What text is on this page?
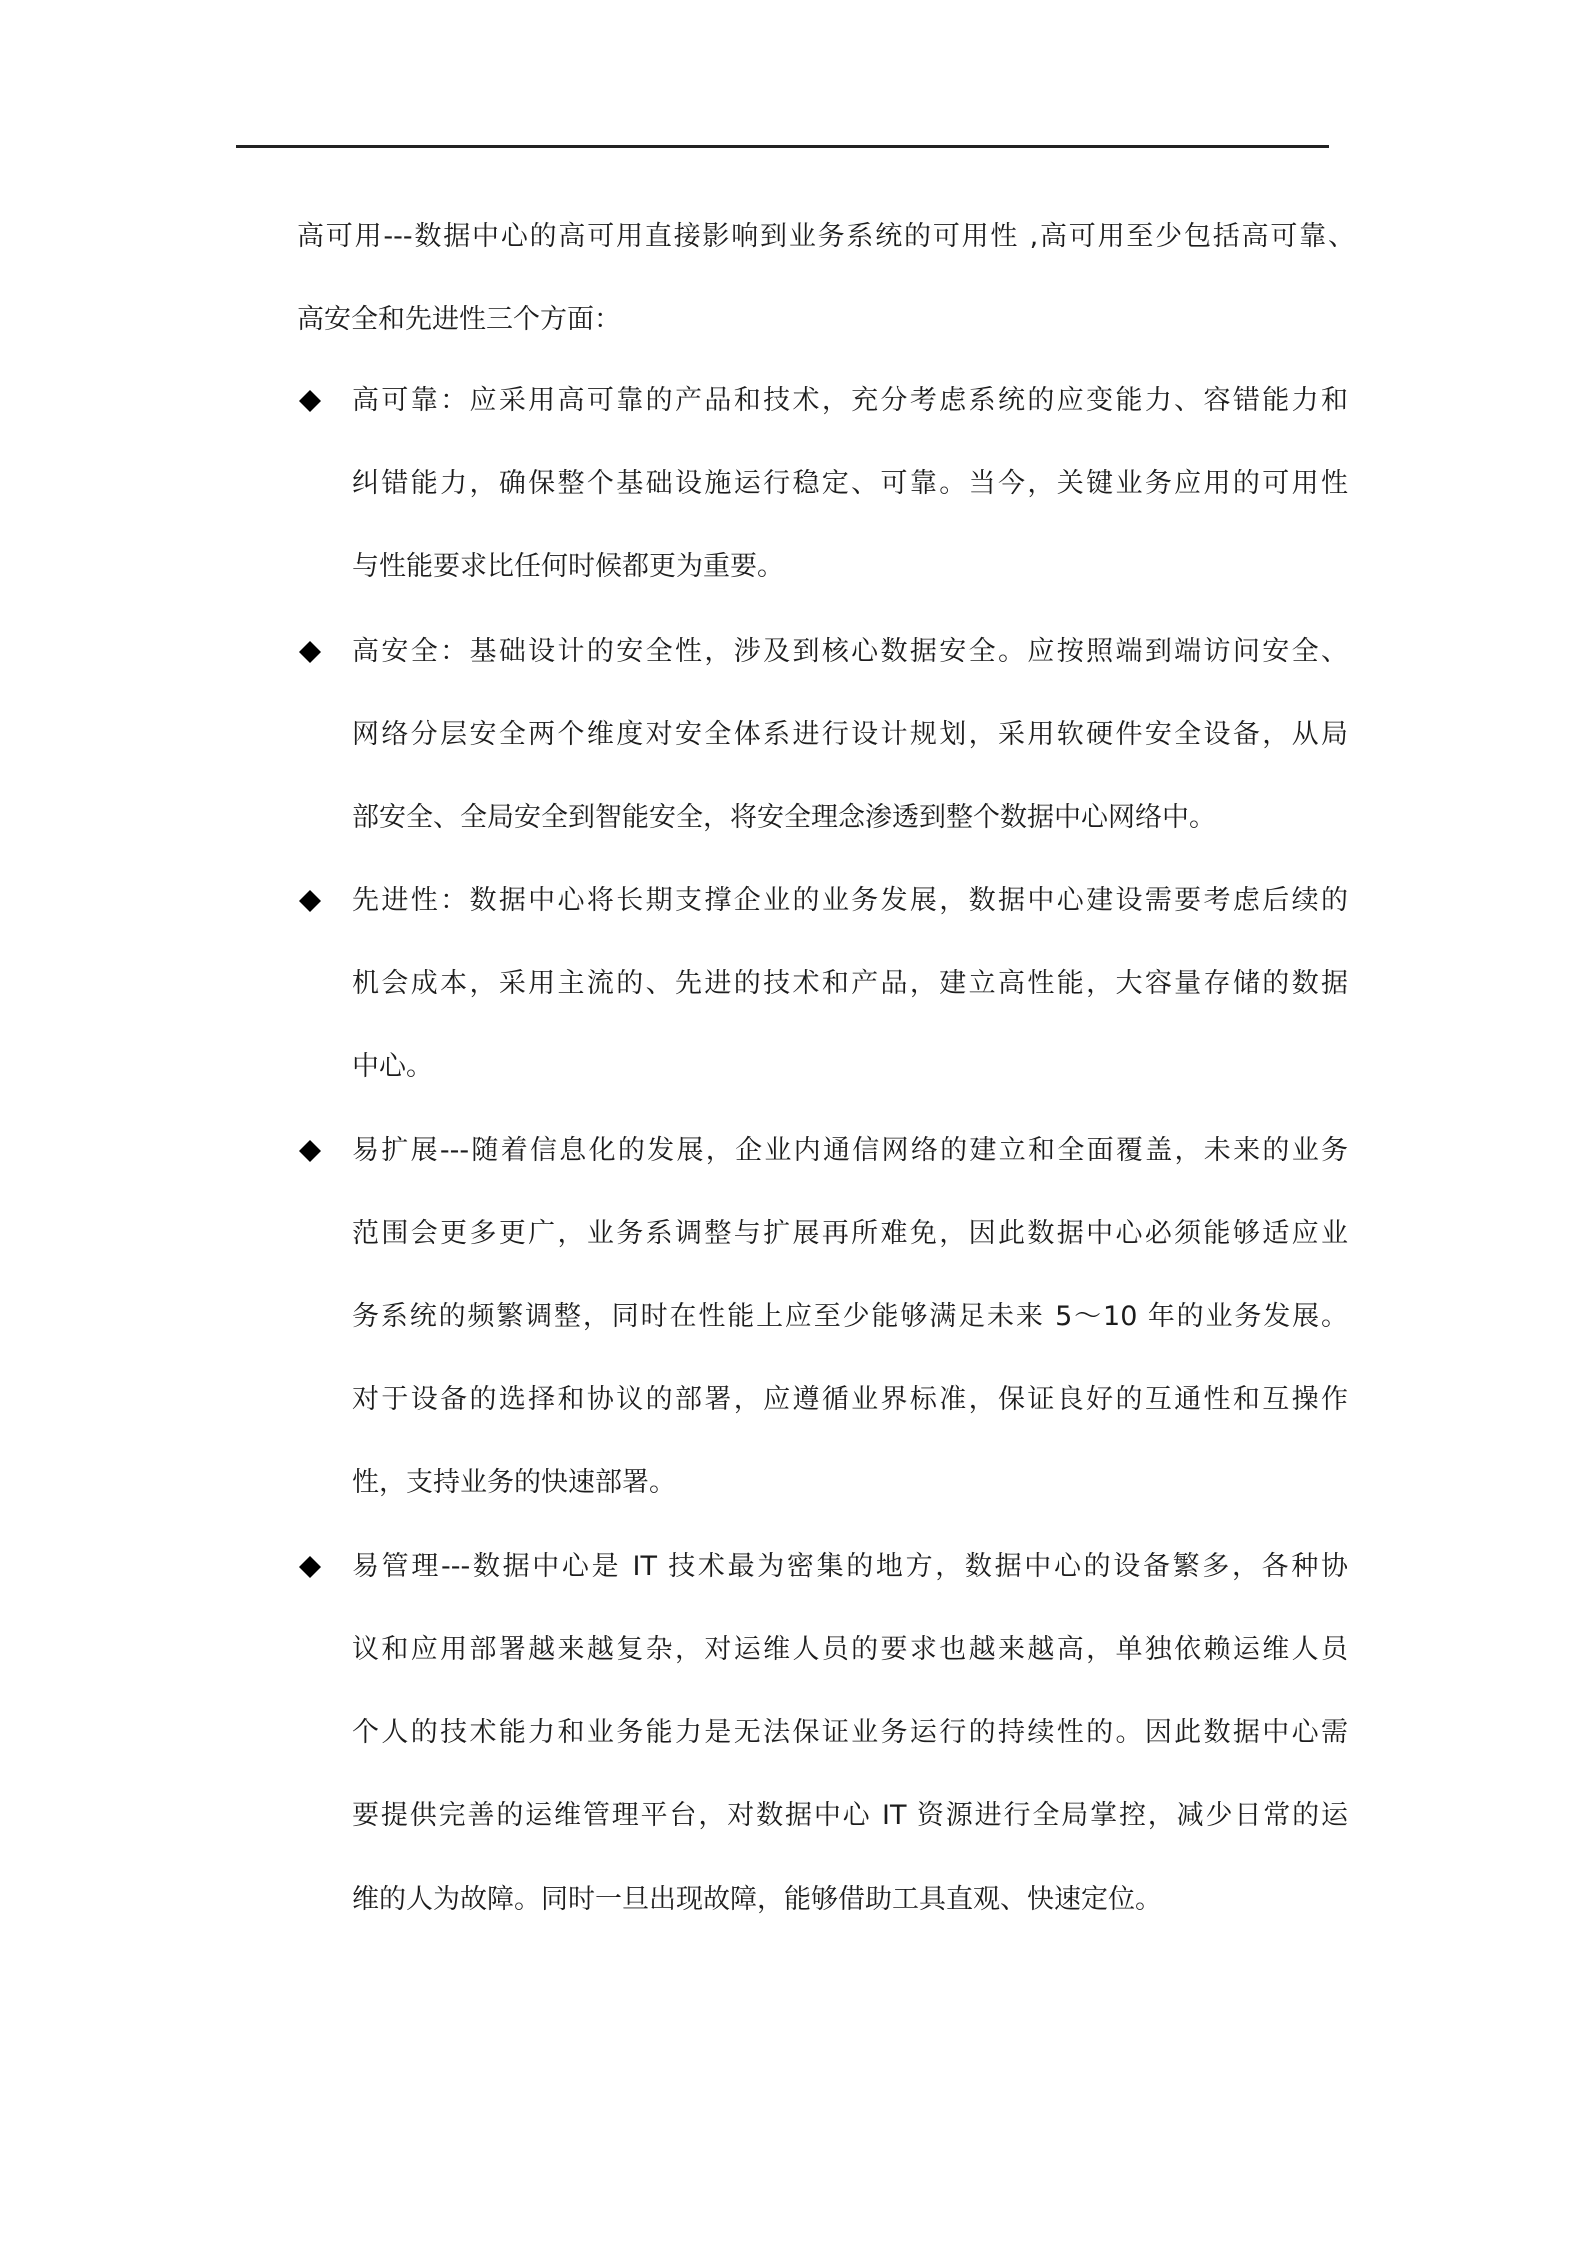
高可用---数据中心的高可用直接影响到业务系统的可用性 ,高可用至少包括高可靠、
高安全和先进性三个方面：
高可靠：应采用高可靠的产品和技术，充分考虑系统的应变能力、容错能力和
纠错能力，确保整个基础设施运行稳定、可靠。当今，关键业务应用的可用性
与性能要求比任何时候都更为重要。
高安全：基础设计的安全性，涉及到核心数据安全。应按照端到端访问安全、
网络分层安全两个维度对安全体系进行设计规划，采用软硬件安全设备，从局
部安全、全局安全到智能安全，将安全理念渗透到整个数据中心网络中。
先进性：数据中心将长期支撑企业的业务发展，数据中心建设需要考虑后续的
机会成本，采用主流的、先进的技术和产品，建立高性能，大容量存储的数据
中心。
易扩展---随着信息化的发展，企业内通信网络的建立和全面覆盖，未来的业务
范围会更多更广，业务系调整与扩展再所难免，因此数据中心必须能够适应业
务系统的频繁调整，同时在性能上应至少能够满足未来 5～10 年的业务发展。
对于设备的选择和协议的部署，应遵循业界标准，保证良好的互通性和互操作
性，支持业务的快速部署。
易管理---数据中心是 IT 技术最为密集的地方，数据中心的设备繁多，各种协
议和应用部署越来越复杂，对运维人员的要求也越来越高，单独依赖运维人员
个人的技术能力和业务能力是无法保证业务运行的持续性的。因此数据中心需
要提供完善的运维管理平台，对数据中心 IT 资源进行全局掌控，减少日常的运
维的人为故障。同时一旦出现故障，能够借助工具直观、快速定位。
